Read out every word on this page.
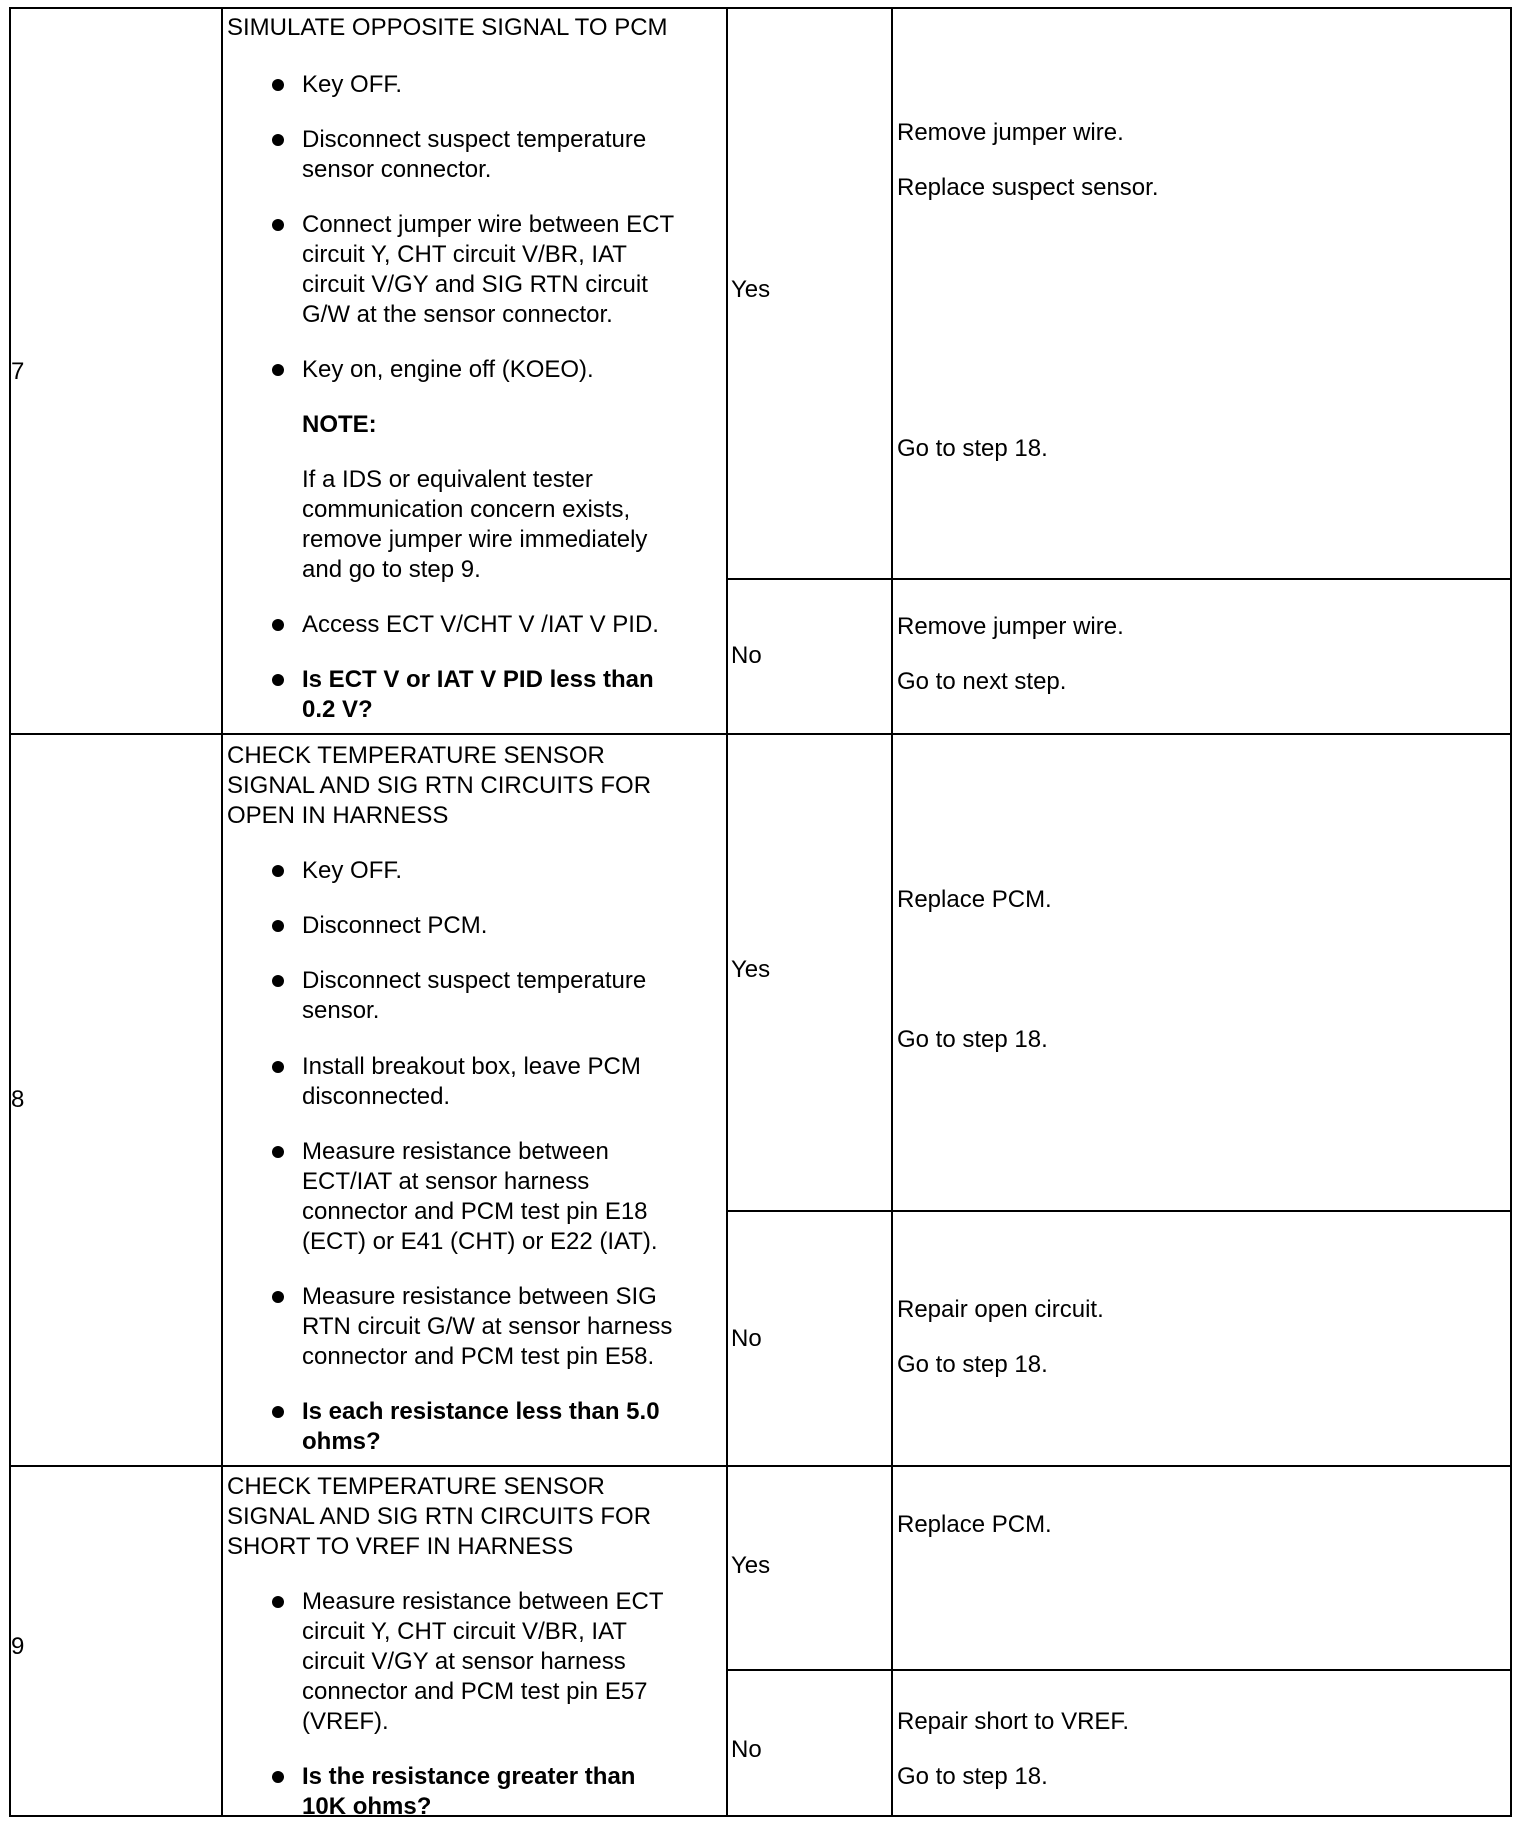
7
SIMULATE OPPOSITE SIGNAL TO PCM
Key OFF.
Disconnect suspect temperature
sensor connector.
Connect jumper wire between ECT
circuit Y, CHT circuit V/BR, IAT
circuit V/GY and SIG RTN circuit
G/W at the sensor connector.
Key on, engine off (KOEO).
NOTE:
If a IDS or equivalent tester
communication concern exists,
remove jumper wire immediately
and go to step 9.
Access ECT V/CHT V /IAT V PID.
Is ECT V or IAT V PID less than
0.2 V?
Yes
Remove jumper wire.
Replace suspect sensor.
Go to step 18.
No
Remove jumper wire.
Go to next step.
8
CHECK TEMPERATURE SENSOR
SIGNAL AND SIG RTN CIRCUITS FOR
OPEN IN HARNESS
Key OFF.
Disconnect PCM.
Disconnect suspect temperature
sensor.
Install breakout box, leave PCM
disconnected.
Measure resistance between
ECT/IAT at sensor harness
connector and PCM test pin E18
(ECT) or E41 (CHT) or E22 (IAT).
Measure resistance between SIG
RTN circuit G/W at sensor harness
connector and PCM test pin E58.
Is each resistance less than 5.0
ohms?
Yes
Replace PCM.
Go to step 18.
No
Repair open circuit.
Go to step 18.
9
CHECK TEMPERATURE SENSOR
SIGNAL AND SIG RTN CIRCUITS FOR
SHORT TO VREF IN HARNESS
Measure resistance between ECT
circuit Y, CHT circuit V/BR, IAT
circuit V/GY at sensor harness
connector and PCM test pin E57
(VREF).
Is the resistance greater than
10K ohms?
Yes
Replace PCM.
No
Repair short to VREF.
Go to step 18.
